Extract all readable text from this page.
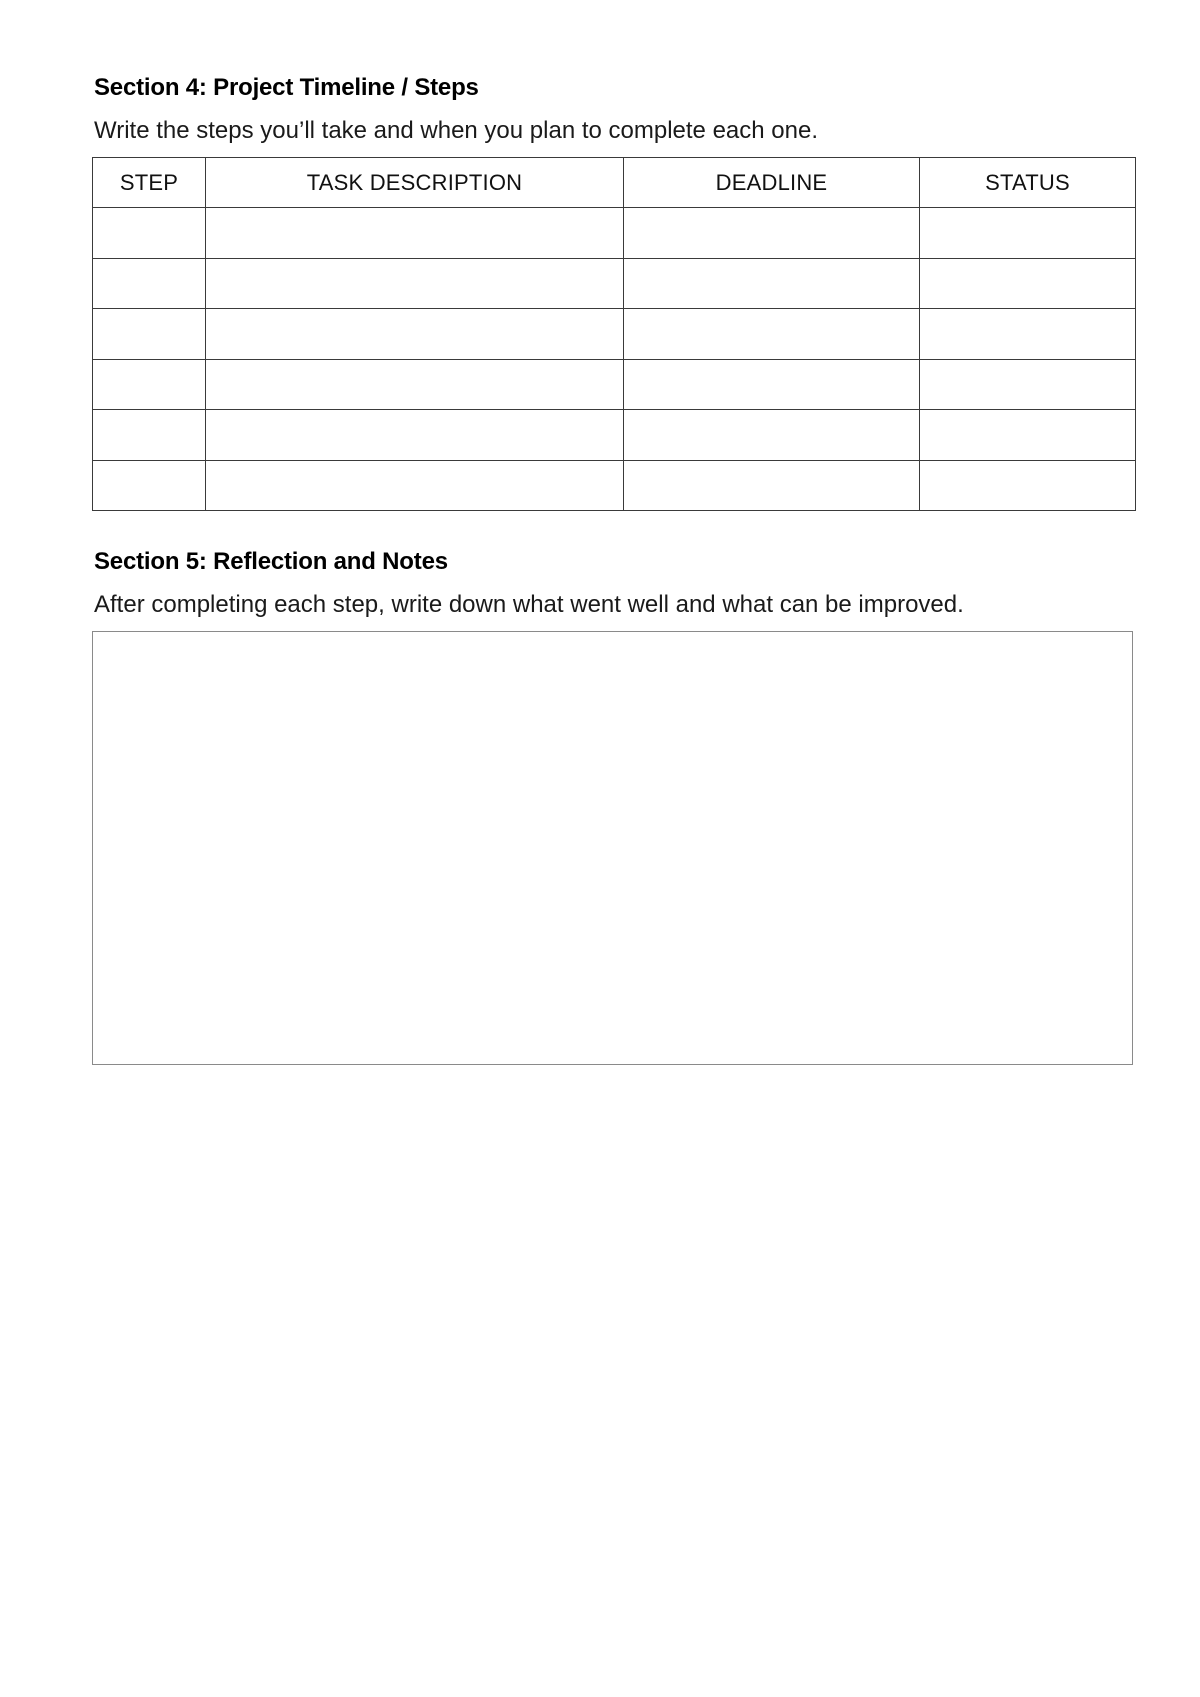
Section 4: Project Timeline / Steps

Write the steps you’ll take and when you plan to complete each one.

STEP	TASK DESCRIPTION	DEADLINE	STATUS

Section 5: Reflection and Notes

After completing each step, write down what went well and what can be improved.
